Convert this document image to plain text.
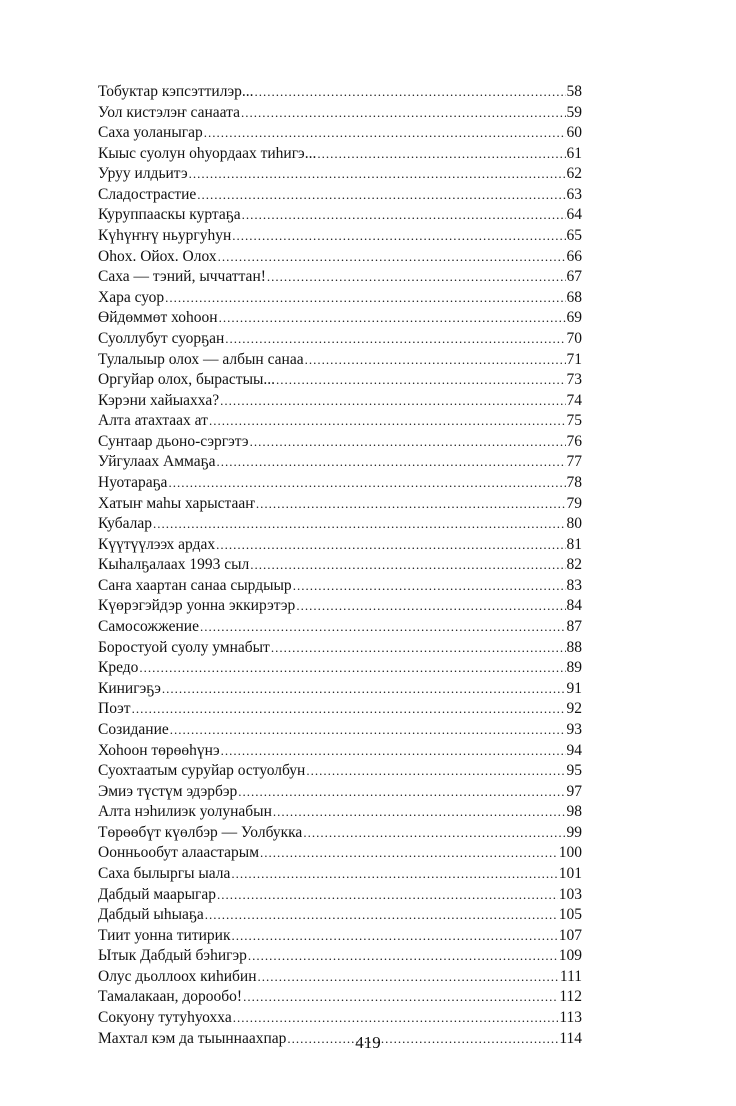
Тобуктар кэпсэттилэр... .....	58
Уол кистэлэҥ санаата .....	59
Саха уоланыгар .....	60
Кыыс суолун оһуордаах тиһигэ... .....	61
Уруу илдьитэ .....	62
Сладострастие .....	63
Куруппааскы куртаҕа .....	64
Күһүҥҥү ньургуһун .....	65
Оhox. Ойох. Олох .....	66
Саха — тэний, ыччаттан! .....	67
Хара суор .....	68
Өйдөммөт хоһоон .....	69
Суоллубут суорҕан .....	70
Тулалыыр олох — албын санаа .....	71
Оргуйар олох, бырастыы... .....	73
Кэрэни хайыахха? .....	74
Алта атахтаах ат .....	75
Сунтаар дьоно-сэргэтэ .....	76
Уйгулаах Аммаҕа .....	77
Нуотараҕа .....	78
Хатыҥ маһы харыстааҥ .....	79
Кубалар .....	80
Күүтүүлээх ардах .....	81
Кыһалҕалаах 1993 сыл .....	82
Саҥа хаартан санаа сырдыыр .....	83
Күөрэгэйдэр уонна эккирэтэр .....	84
Самосожжение .....	87
Боростуой суолу умнабыт .....	88
Кредо .....	89
Кинигэҕэ .....	91
Поэт .....	92
Созидание .....	93
Хоһоон төрөөһүнэ .....	94
Суохтаатым суруйар остуолбун .....	95
Эмиэ түстүм эдэрбэр .....	97
Алта нэһилиэк уолунабын .....	98
Төрөөбүт күөлбэр — Уолбукка .....	99
Оонньообут алаастарым .....	100
Саха былыргы ыала .....	101
Дабдый маарыгар .....	103
Дабдый ыһыаҕа .....	105
Тиит уонна титирик .....	107
Ытык Дабдый бэһигэр .....	109
Олус дьоллоох киһибин .....	111
Тамалакаан, дорообо! .....	112
Сокуону тутуһуохха .....	113
Махтал кэм да тыыннаахпар .....	114
419
